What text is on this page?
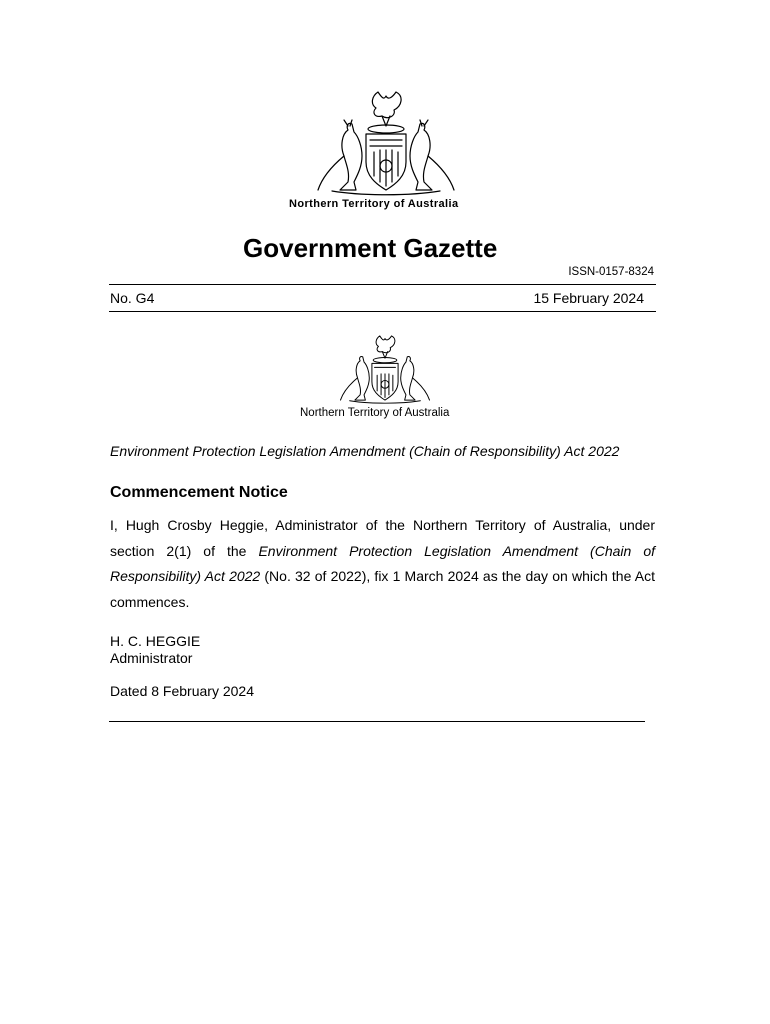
Northern Territory of Australia
Government Gazette
ISSN-0157-8324
No. G4	15 February 2024
Northern Territory of Australia
Environment Protection Legislation Amendment (Chain of Responsibility) Act 2022
Commencement Notice
I, Hugh Crosby Heggie, Administrator of the Northern Territory of Australia, under section 2(1) of the Environment Protection Legislation Amendment (Chain of Responsibility) Act 2022 (No. 32 of 2022), fix 1 March 2024 as the day on which the Act commences.
H. C. HEGGIE
Administrator
Dated 8 February 2024
